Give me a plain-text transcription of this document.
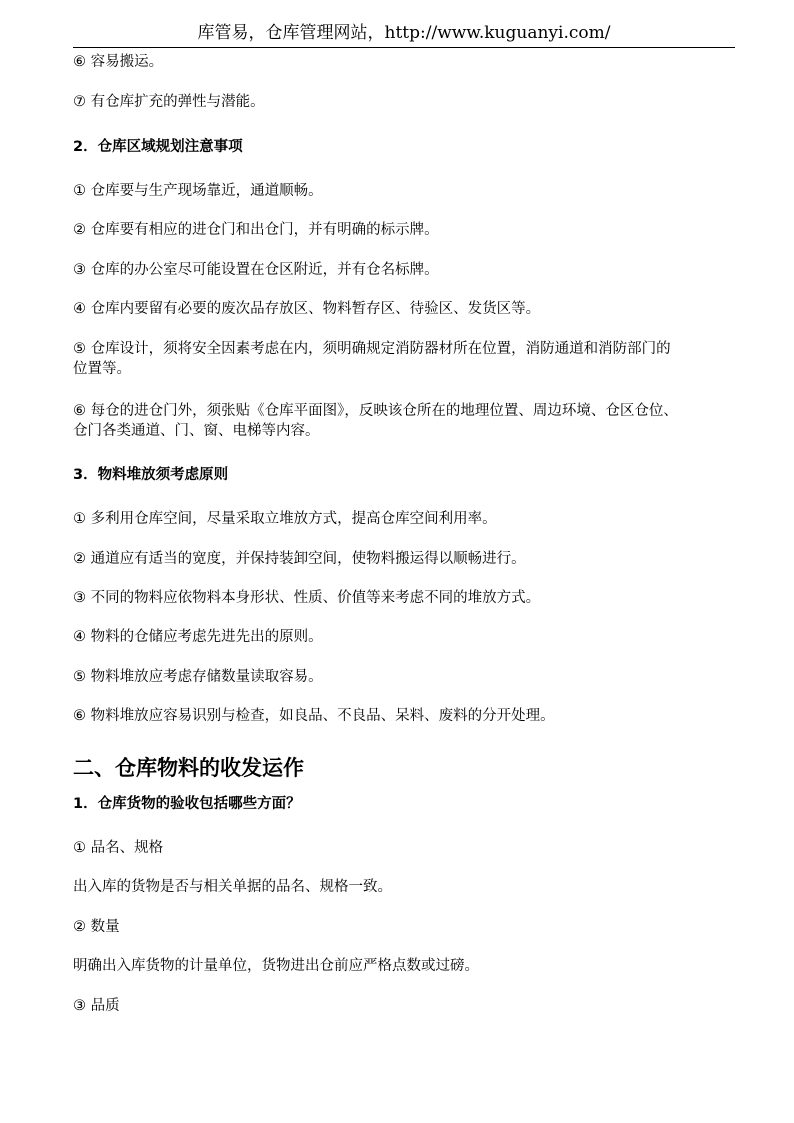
库管易，仓库管理网站，http://www.kuguanyi.com/
⑥ 容易搬运。
⑦ 有仓库扩充的弹性与潜能。
2．仓库区域规划注意事项
① 仓库要与生产现场靠近，通道顺畅。
② 仓库要有相应的进仓门和出仓门，并有明确的标示牌。
③ 仓库的办公室尽可能设置在仓区附近，并有仓名标牌。
④ 仓库内要留有必要的废次品存放区、物料暂存区、待验区、发货区等。
⑤ 仓库设计，须将安全因素考虑在内，须明确规定消防器材所在位置，消防通道和消防部门的
位置等。
⑥ 每仓的进仓门外，须张贴《仓库平面图》，反映该仓所在的地理位置、周边环境、仓区仓位、
仓门各类通道、门、窗、电梯等内容。
3．物料堆放须考虑原则
① 多利用仓库空间，尽量采取立堆放方式，提高仓库空间利用率。
② 通道应有适当的宽度，并保持装卸空间，使物料搬运得以顺畅进行。
③ 不同的物料应依物料本身形状、性质、价值等来考虑不同的堆放方式。
④ 物料的仓储应考虑先进先出的原则。
⑤ 物料堆放应考虑存储数量读取容易。
⑥ 物料堆放应容易识别与检查，如良品、不良品、呆料、废料的分开处理。
二、仓库物料的收发运作
1．仓库货物的验收包括哪些方面？
① 品名、规格
出入库的货物是否与相关单据的品名、规格一致。
② 数量
明确出入库货物的计量单位，货物进出仓前应严格点数或过磅。
③ 品质
